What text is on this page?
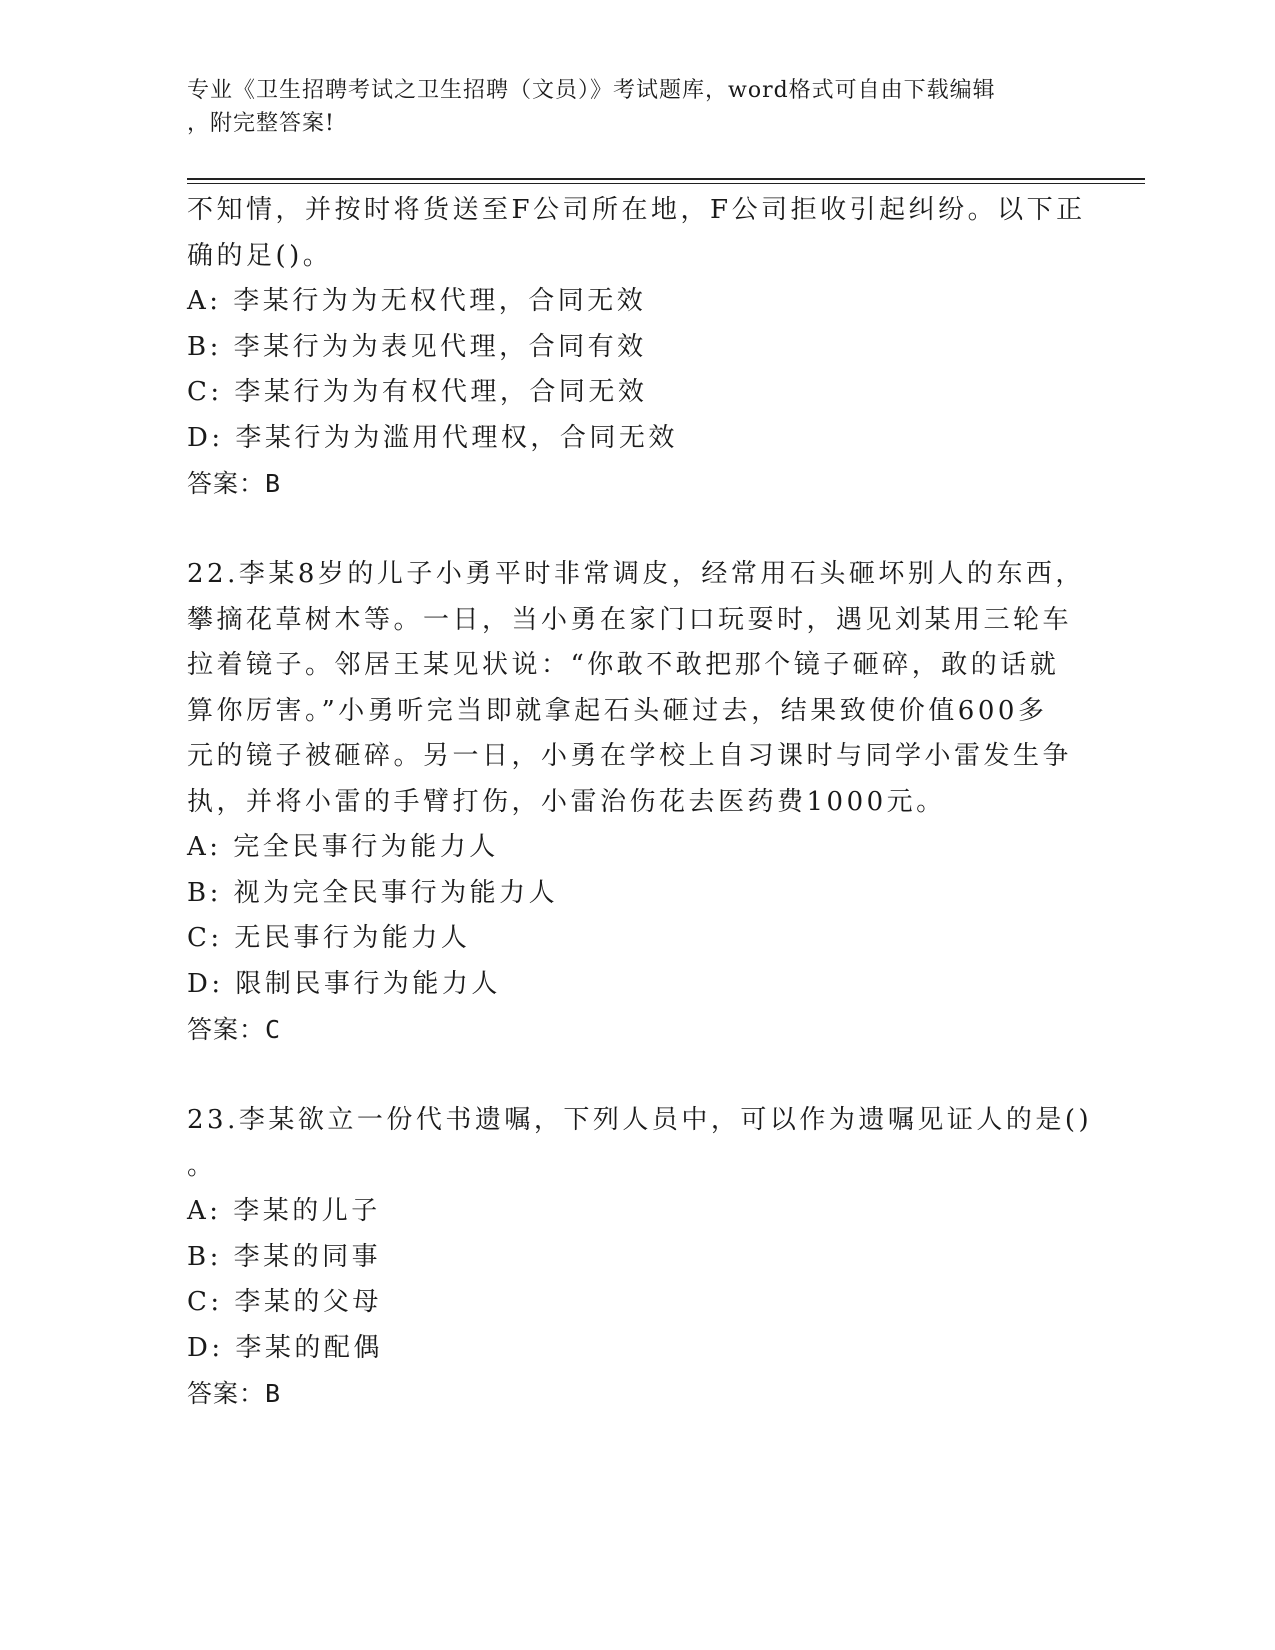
专业《卫生招聘考试之卫生招聘（文员）》考试题库，word格式可自由下载编辑
，附完整答案!
不知情，并按时将货送至F公司所在地，F公司拒收引起纠纷。以下正
确的足()。
A: 李某行为为无权代理，合同无效
B: 李某行为为表见代理，合同有效
C: 李某行为为有权代理，合同无效
D: 李某行为为滥用代理权，合同无效
答案：B
22.李某8岁的儿子小勇平时非常调皮，经常用石头砸坏别人的东西，
攀摘花草树木等。一日，当小勇在家门口玩耍时，遇见刘某用三轮车
拉着镜子。邻居王某见状说：“你敢不敢把那个镜子砸碎，敢的话就
算你厉害。”小勇听完当即就拿起石头砸过去，结果致使价值600多
元的镜子被砸碎。另一日，小勇在学校上自习课时与同学小雷发生争
执，并将小雷的手臂打伤，小雷治伤花去医药费1000元。
A: 完全民事行为能力人
B: 视为完全民事行为能力人
C: 无民事行为能力人
D: 限制民事行为能力人
答案：C
23.李某欲立一份代书遗嘱，下列人员中，可以作为遗嘱见证人的是()
。
A: 李某的儿子
B: 李某的同事
C: 李某的父母
D: 李某的配偶
答案：B
